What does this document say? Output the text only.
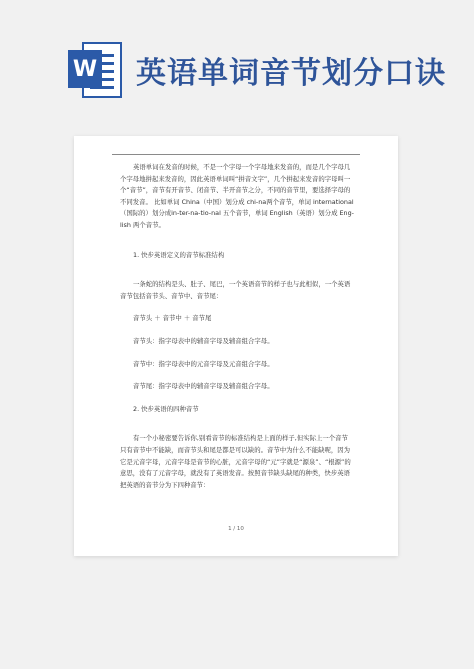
W 英语单词音节划分口诀

英语单词在发音的时候，不是一个字母一个字母地来发音的，而是几个字母几个字母地拼起来发音的，因此英语单词叫“拼音文字”，几个拼起来发音的字母叫一个“音节”，音节有开音节、闭音节、半开音节之分，不同的音节里，要选择字母的不同发音。 比如单词 China（中国）划分成 chi-na两个音节，单词 international（国际的）划分成in-ter-na-tio-nal 五个音节，单词 English（英语）划分成 Eng-lish 两个音节。

1. 快步英语定义的音节标准结构

一条蛇的结构是头、肚子、尾巴，一个英语音节的样子也与此相似，一个英语音节包括音节头、音节中、音节尾：

音节头 ＋ 音节中 ＋ 音节尾

音节头：指字母表中的辅音字母及辅音组合字母。

音节中：指字母表中的元音字母及元音组合字母。

音节尾：指字母表中的辅音字母及辅音组合字母。

2. 快步英语的四种音节

有一个小秘密要告诉你,别看音节的标准结构是上面的样子,但实际上一个音节只有音节中不能缺，而音节头和尾是都是可以缺的。音节中为什么不能缺呢，因为它是元音字母，元音字母是音节的心脏，元音字母的“元”字就是“源泉”、“根源”的意思，没有了元音字母，就没有了英语发音。按照音节缺头缺尾的种类，快步英语把英语的音节分为下四种音节：

1 / 10
